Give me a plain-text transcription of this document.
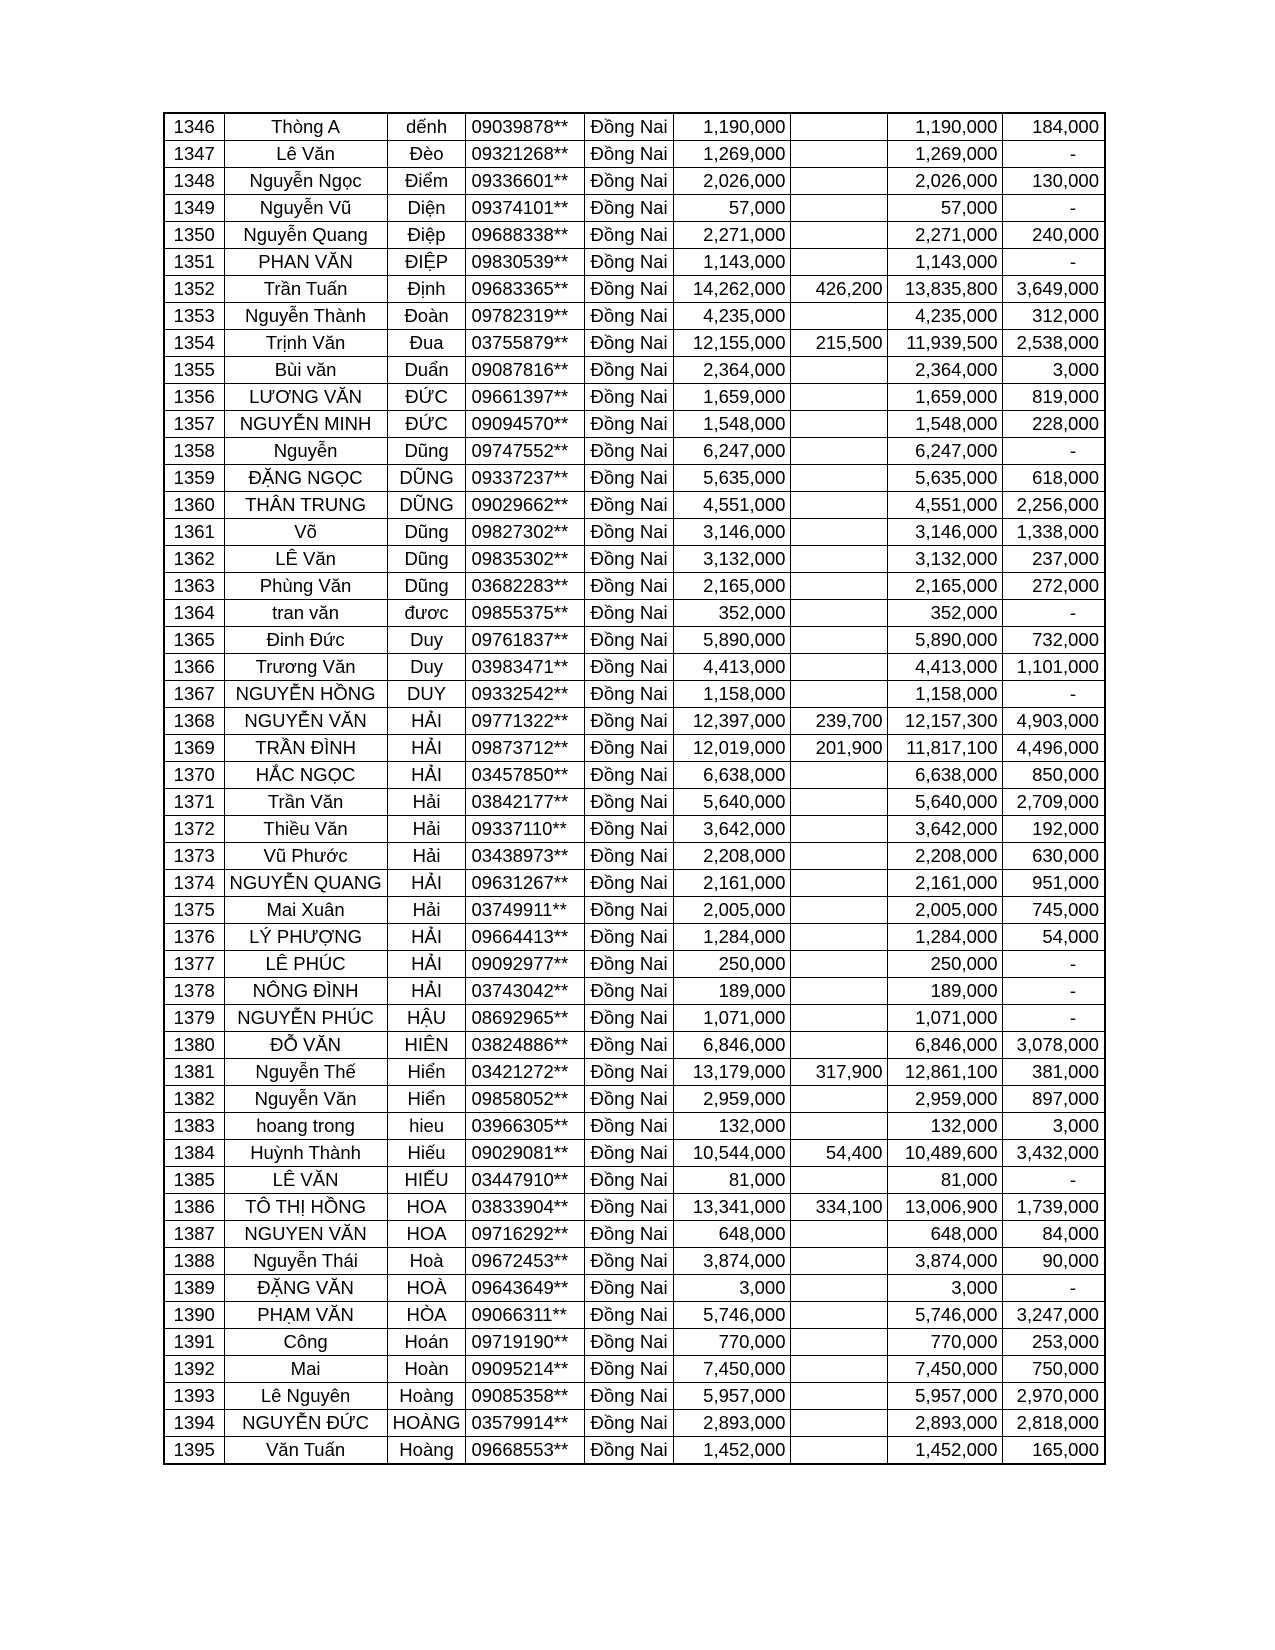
1346	Thòng A	dếnh	09039878**	Đồng Nai	1,190,000		1,190,000	184,000
1347	Lê Văn	Đèo	09321268**	Đồng Nai	1,269,000		1,269,000	-
1348	Nguyễn Ngọc	Điểm	09336601**	Đồng Nai	2,026,000		2,026,000	130,000
1349	Nguyễn Vũ	Diện	09374101**	Đồng Nai	57,000		57,000	-
1350	Nguyễn Quang	Điệp	09688338**	Đồng Nai	2,271,000		2,271,000	240,000
1351	PHAN VĂN	ĐIỆP	09830539**	Đồng Nai	1,143,000		1,143,000	-
1352	Trần Tuấn	Định	09683365**	Đồng Nai	14,262,000	426,200	13,835,800	3,649,000
1353	Nguyễn Thành	Đoàn	09782319**	Đồng Nai	4,235,000		4,235,000	312,000
1354	Trịnh Văn	Đua	03755879**	Đồng Nai	12,155,000	215,500	11,939,500	2,538,000
1355	Bùi văn	Duẩn	09087816**	Đồng Nai	2,364,000		2,364,000	3,000
1356	LƯƠNG VĂN	ĐỨC	09661397**	Đồng Nai	1,659,000		1,659,000	819,000
1357	NGUYỄN MINH	ĐỨC	09094570**	Đồng Nai	1,548,000		1,548,000	228,000
1358	Nguyễn	Dũng	09747552**	Đồng Nai	6,247,000		6,247,000	-
1359	ĐẶNG NGỌC	DŨNG	09337237**	Đồng Nai	5,635,000		5,635,000	618,000
1360	THÂN TRUNG	DŨNG	09029662**	Đồng Nai	4,551,000		4,551,000	2,256,000
1361	Võ	Dũng	09827302**	Đồng Nai	3,146,000		3,146,000	1,338,000
1362	LÊ Văn	Dũng	09835302**	Đồng Nai	3,132,000		3,132,000	237,000
1363	Phùng Văn	Dũng	03682283**	Đồng Nai	2,165,000		2,165,000	272,000
1364	tran văn	đươc	09855375**	Đồng Nai	352,000		352,000	-
1365	Đinh Đức	Duy	09761837**	Đồng Nai	5,890,000		5,890,000	732,000
1366	Trương Văn	Duy	03983471**	Đồng Nai	4,413,000		4,413,000	1,101,000
1367	NGUYỄN HỒNG	DUY	09332542**	Đồng Nai	1,158,000		1,158,000	-
1368	NGUYỄN VĂN	HẢI	09771322**	Đồng Nai	12,397,000	239,700	12,157,300	4,903,000
1369	TRẦN ĐÌNH	HẢI	09873712**	Đồng Nai	12,019,000	201,900	11,817,100	4,496,000
1370	HẮC NGỌC	HẢI	03457850**	Đồng Nai	6,638,000		6,638,000	850,000
1371	Trần Văn	Hải	03842177**	Đồng Nai	5,640,000		5,640,000	2,709,000
1372	Thiều Văn	Hải	09337110**	Đồng Nai	3,642,000		3,642,000	192,000
1373	Vũ Phước	Hải	03438973**	Đồng Nai	2,208,000		2,208,000	630,000
1374	NGUYỄN QUANG	HẢI	09631267**	Đồng Nai	2,161,000		2,161,000	951,000
1375	Mai Xuân	Hải	03749911**	Đồng Nai	2,005,000		2,005,000	745,000
1376	LÝ PHƯỢNG	HẢI	09664413**	Đồng Nai	1,284,000		1,284,000	54,000
1377	LÊ PHÚC	HẢI	09092977**	Đồng Nai	250,000		250,000	-
1378	NÔNG ĐÌNH	HẢI	03743042**	Đồng Nai	189,000		189,000	-
1379	NGUYỄN PHÚC	HẬU	08692965**	Đồng Nai	1,071,000		1,071,000	-
1380	ĐỖ VĂN	HIÊN	03824886**	Đồng Nai	6,846,000		6,846,000	3,078,000
1381	Nguyễn Thế	Hiển	03421272**	Đồng Nai	13,179,000	317,900	12,861,100	381,000
1382	Nguyễn Văn	Hiển	09858052**	Đồng Nai	2,959,000		2,959,000	897,000
1383	hoang trong	hieu	03966305**	Đồng Nai	132,000		132,000	3,000
1384	Huỳnh Thành	Hiếu	09029081**	Đồng Nai	10,544,000	54,400	10,489,600	3,432,000
1385	LÊ VĂN	HIẾU	03447910**	Đồng Nai	81,000		81,000	-
1386	TÔ THỊ HỒNG	HOA	03833904**	Đồng Nai	13,341,000	334,100	13,006,900	1,739,000
1387	NGUYEN VĂN	HOA	09716292**	Đồng Nai	648,000		648,000	84,000
1388	Nguyễn Thái	Hoà	09672453**	Đồng Nai	3,874,000		3,874,000	90,000
1389	ĐẶNG VĂN	HOÀ	09643649**	Đồng Nai	3,000		3,000	-
1390	PHẠM VĂN	HÒA	09066311**	Đồng Nai	5,746,000		5,746,000	3,247,000
1391	Công	Hoán	09719190**	Đồng Nai	770,000		770,000	253,000
1392	Mai	Hoàn	09095214**	Đồng Nai	7,450,000		7,450,000	750,000
1393	Lê Nguyên	Hoàng	09085358**	Đồng Nai	5,957,000		5,957,000	2,970,000
1394	NGUYỄN ĐỨC	HOÀNG	03579914**	Đồng Nai	2,893,000		2,893,000	2,818,000
1395	Văn Tuấn	Hoàng	09668553**	Đồng Nai	1,452,000		1,452,000	165,000
